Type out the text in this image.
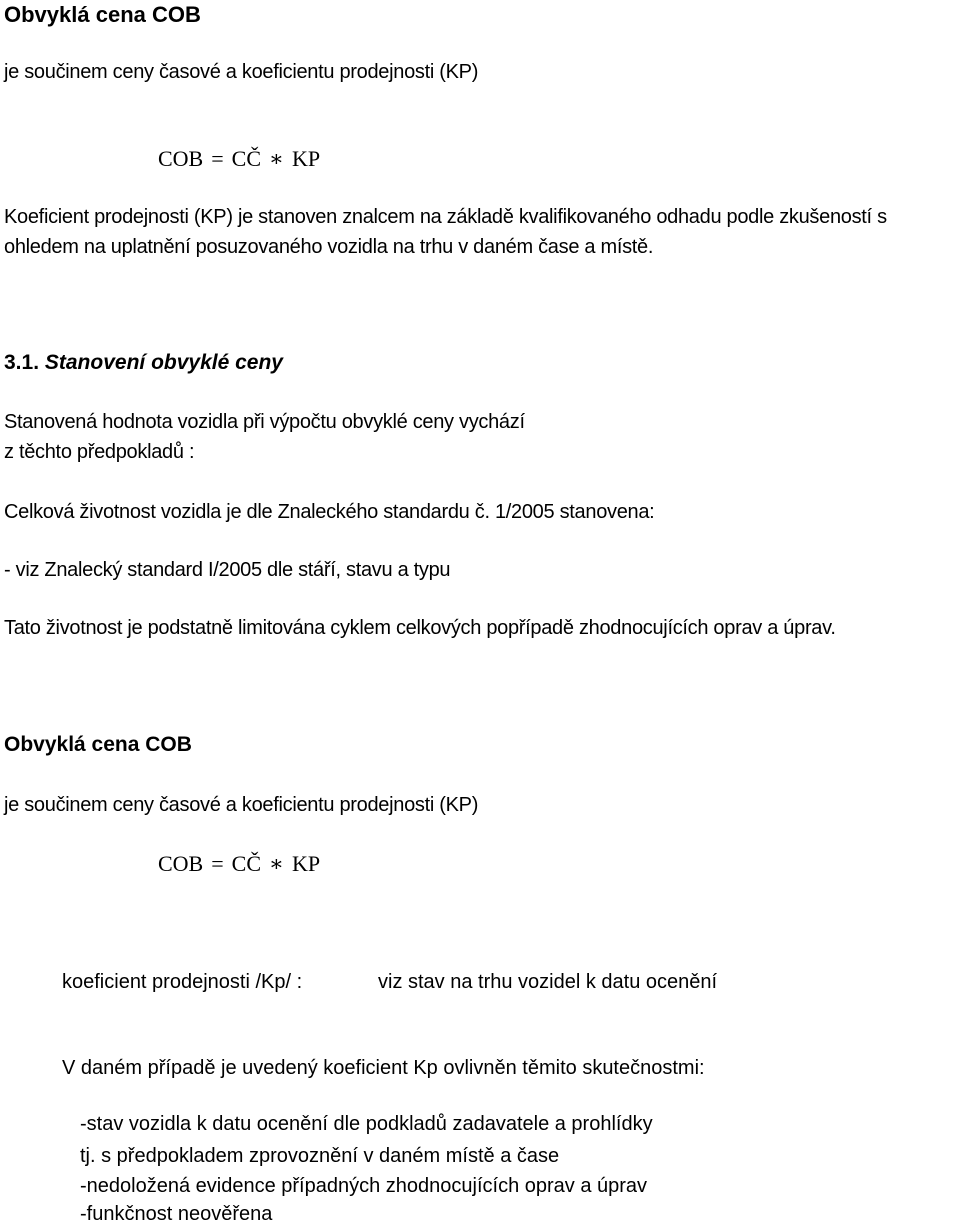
Obvyklá cena COB
je součinem ceny časové a koeficientu prodejnosti (KP)
COB = CČ ∗ KP
Koeficient prodejnosti (KP) je stanoven znalcem na základě kvalifikovaného odhadu podle zkušeností s
ohledem na uplatnění posuzovaného vozidla na trhu v daném čase a místě.
3.1. Stanovení obvyklé ceny
Stanovená hodnota vozidla při výpočtu obvyklé ceny vychází
z těchto předpokladů :
Celková životnost vozidla je dle Znaleckého standardu č. 1/2005 stanovena:
- viz Znalecký standard I/2005 dle stáří, stavu a typu
Tato životnost je podstatně limitována cyklem celkových popřípadě zhodnocujících oprav a úprav.
Obvyklá cena COB
je součinem ceny časové a koeficientu prodejnosti (KP)
COB = CČ ∗ KP
koeficient prodejnosti /Kp/ :	viz stav na trhu vozidel k datu ocenění
V daném případě je uvedený koeficient Kp ovlivněn těmito skutečnostmi:
-stav vozidla k datu ocenění dle podkladů zadavatele a prohlídky
tj. s předpokladem zprovoznění v daném místě a čase
-nedoložená evidence případných zhodnocujících oprav a úprav
-funkčnost neověřena
